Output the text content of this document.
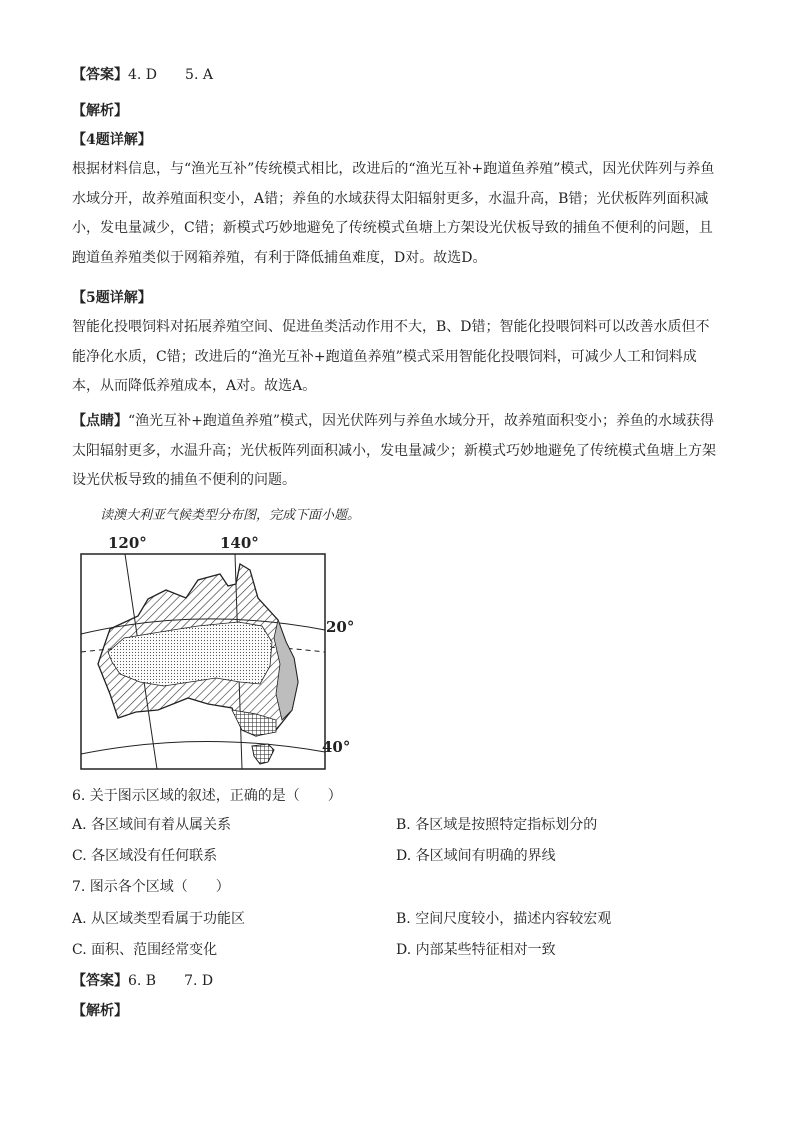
【答案】4. D　　5. A
【解析】
【4题详解】
根据材料信息，与“渔光互补”传统模式相比，改进后的“渔光互补+跑道鱼养殖”模式，因光伏阵列与养鱼水域分开，故养殖面积变小，A错；养鱼的水域获得太阳辐射更多，水温升高，B错；光伏板阵列面积减小，发电量减少，C错；新模式巧妙地避免了传统模式鱼塘上方架设光伏板导致的捕鱼不便利的问题，且跑道鱼养殖类似于网箱养殖，有利于降低捕鱼难度，D对。故选D。
【5题详解】
智能化投喂饲料对拓展养殖空间、促进鱼类活动作用不大，B、D错；智能化投喂饲料可以改善水质但不能净化水质，C错；改进后的“渔光互补+跑道鱼养殖”模式采用智能化投喂饲料，可减少人工和饲料成本，从而降低养殖成本，A对。故选A。
【点睛】“渔光互补+跑道鱼养殖”模式，因光伏阵列与养鱼水域分开，故养殖面积变小；养鱼的水域获得太阳辐射更多，水温升高；光伏板阵列面积减小，发电量减少；新模式巧妙地避免了传统模式鱼塘上方架设光伏板导致的捕鱼不便利的问题。
读澳大利亚气候类型分布图，完成下面小题。
120°	140°
20°
40°
6. 关于图示区域的叙述，正确的是（　　）
A. 各区域间有着从属关系	B. 各区域是按照特定指标划分的
C. 各区域没有任何联系	D. 各区域间有明确的界线
7. 图示各个区域（　　）
A. 从区域类型看属于功能区	B. 空间尺度较小，描述内容较宏观
C. 面积、范围经常变化	D. 内部某些特征相对一致
【答案】6. B　　7. D
【解析】
